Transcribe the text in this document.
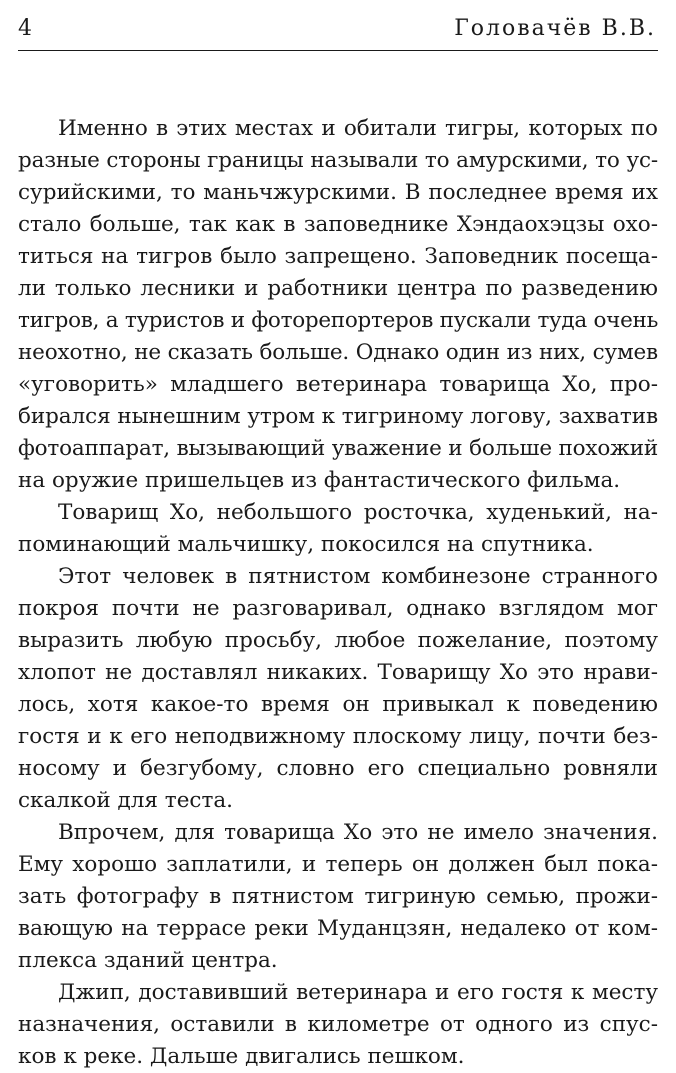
4	Головачёв В.В.
Именно в этих местах и обитали тигры, которых по
разные стороны границы называли то амурскими, то ус-
сурийскими, то маньчжурскими. В последнее время их
стало больше, так как в заповеднике Хэндаохэцзы охо-
титься на тигров было запрещено. Заповедник посеща-
ли только лесники и работники центра по разведению
тигров, а туристов и фоторепортеров пускали туда очень
неохотно, не сказать больше. Однако один из них, сумев
«уговорить» младшего ветеринара товарища Хо, про-
бирался нынешним утром к тигриному логову, захватив
фотоаппарат, вызывающий уважение и больше похожий
на оружие пришельцев из фантастического фильма.
Товарищ Хо, небольшого росточка, худенький, на-
поминающий мальчишку, покосился на спутника.
Этот человек в пятнистом комбинезоне странного
покроя почти не разговаривал, однако взглядом мог
выразить любую просьбу, любое пожелание, поэтому
хлопот не доставлял никаких. Товарищу Хо это нрави-
лось, хотя какое-то время он привыкал к поведению
гостя и к его неподвижному плоскому лицу, почти без-
носому и безгубому, словно его специально ровняли
скалкой для теста.
Впрочем, для товарища Хо это не имело значения.
Ему хорошо заплатили, и теперь он должен был пока-
зать фотографу в пятнистом тигриную семью, прожи-
вающую на террасе реки Муданцзян, недалеко от ком-
плекса зданий центра.
Джип, доставивший ветеринара и его гостя к месту
назначения, оставили в километре от одного из спус-
ков к реке. Дальше двигались пешком.
